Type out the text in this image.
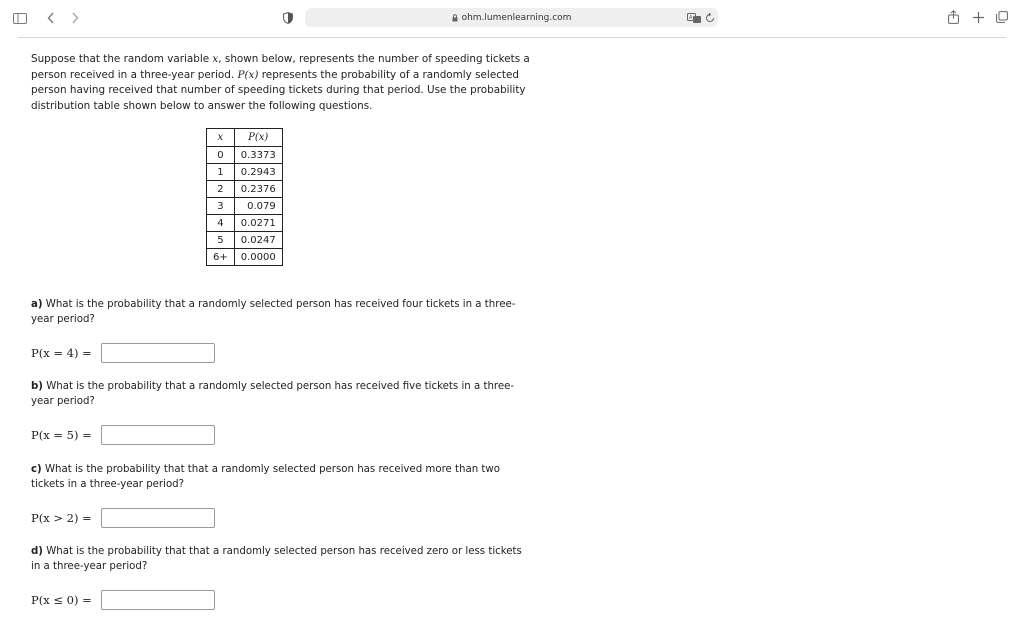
ohm.lumenlearning.com	A

Suppose that the random variable x, shown below, represents the number of speeding tickets a person received in a three-year period. P(x) represents the probability of a randomly selected person having received that number of speeding tickets during that period. Use the probability distribution table shown below to answer the following questions.

x	P(x)
0	0.3373
1	0.2943
2	0.2376
3	0.079
4	0.0271
5	0.0247
6+	0.0000

a) What is the probability that a randomly selected person has received four tickets in a three-year period?

P(x = 4) =

b) What is the probability that a randomly selected person has received five tickets in a three-year period?

P(x = 5) =

c) What is the probability that that a randomly selected person has received more than two tickets in a three-year period?

P(x > 2) =

d) What is the probability that that a randomly selected person has received zero or less tickets in a three-year period?

P(x ≤ 0) =
